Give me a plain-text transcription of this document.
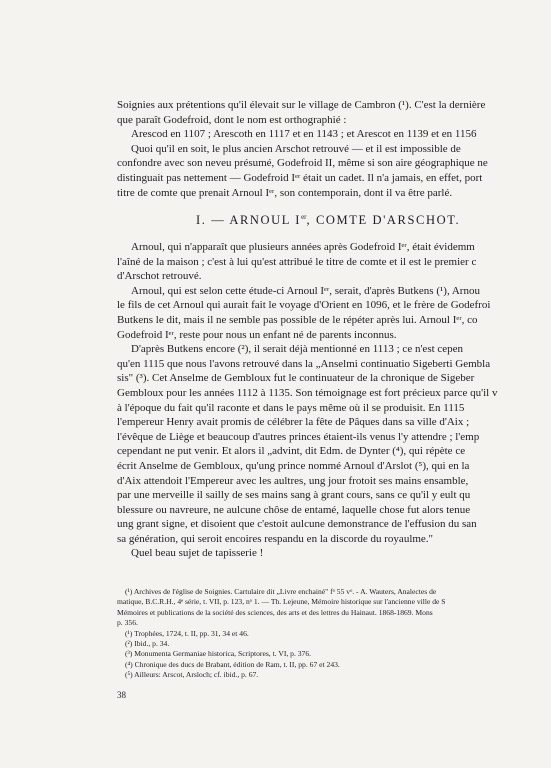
Soignies aux prétentions qu'il élevait sur le village de Cambron (¹). C'est la dernière

que paraît Godefroid, dont le nom est orthographié :

Arescod en 1107 ; Arescoth en 1117 et en 1143 ; et Arescot en 1139 et en 1156

Quoi qu'il en soit, le plus ancien Arschot retrouvé — et il est impossible de

confondre avec son neveu présumé, Godefroid II, même si son aire géographique ne

distinguait pas nettement — Godefroid Iᵉʳ était un cadet. Il n'a jamais, en effet, port

titre de comte que prenait Arnoul Iᵉʳ, son contemporain, dont il va être parlé.

I. — ARNOUL Ier, COMTE D'ARSCHOT.

Arnoul, qui n'apparaît que plusieurs années après Godefroid Iᵉʳ, était évidemm

l'aîné de la maison ; c'est à lui qu'est attribué le titre de comte et il est le premier c

d'Arschot retrouvé.

Arnoul, qui est selon cette étude-ci Arnoul Iᵉʳ, serait, d'après Butkens (¹), Arnou

le fils de cet Arnoul qui aurait fait le voyage d'Orient en 1096, et le frère de Godefroi

Butkens le dit, mais il ne semble pas possible de le répéter après lui. Arnoul Iᵉʳ, co

Godefroid Iᵉʳ, reste pour nous un enfant né de parents inconnus.

D'après Butkens encore (²), il serait déjà mentionné en 1113 ; ce n'est cepen

qu'en 1115 que nous l'avons retrouvé dans la „Anselmi continuatio Sigeberti Gembla

sis" (³). Cet Anselme de Gembloux fut le continuateur de la chronique de Sigeber

Gembloux pour les années 1112 à 1135. Son témoignage est fort précieux parce qu'il v

à l'époque du fait qu'il raconte et dans le pays même où il se produisit. En 1115

l'empereur Henry avait promis de célébrer la fête de Pâques dans sa ville d'Aix ;

l'évêque de Liège et beaucoup d'autres princes étaient-ils venus l'y attendre ; l'emp

cependant ne put venir. Et alors il „advint, dit Edm. de Dynter (⁴), qui répète ce

écrit Anselme de Gembloux, qu'ung prince nommé Arnoul d'Arslot (⁵), qui en la

d'Aix attendoit l'Empereur avec les aultres, ung jour frotoit ses mains ensamble,

par une merveille il sailly de ses mains sang à grant cours, sans ce qu'il y eult qu

blessure ou navreure, ne aulcune chôse de entamé, laquelle chose fut alors tenue

ung grant signe, et disoient que c'estoit aulcune demonstrance de l'effusion du san

sa génération, qui seroit encoires respandu en la discorde du royaulme."

Quel beau sujet de tapisserie !

(¹) Archives de l'église de Soignies. Cartulaire dit „Livre enchainé" fᵒ 55 vᵒ. - A. Wauters, Analectes de

matique, B.C.R.H., 4ᵉ série, t. VII, p. 123, nᵒ 1. — Th. Lejeune, Mémoire historique sur l'ancienne ville de S

Mémoires et publications de la société des sciences, des arts et des lettres du Hainaut. 1868-1869. Mons

p. 356.

(¹) Trophées, 1724, t. II, pp. 31, 34 et 46.

(²) Ibid., p. 34.

(³) Monumenta Germaniae historica, Scriptores, t. VI, p. 376.

(⁴) Chronique des ducs de Brabant, édition de Ram, t. II, pp. 67 et 243.

(⁵) Ailleurs: Arscot, Arsloch; cf. ibid., p. 67.

38
